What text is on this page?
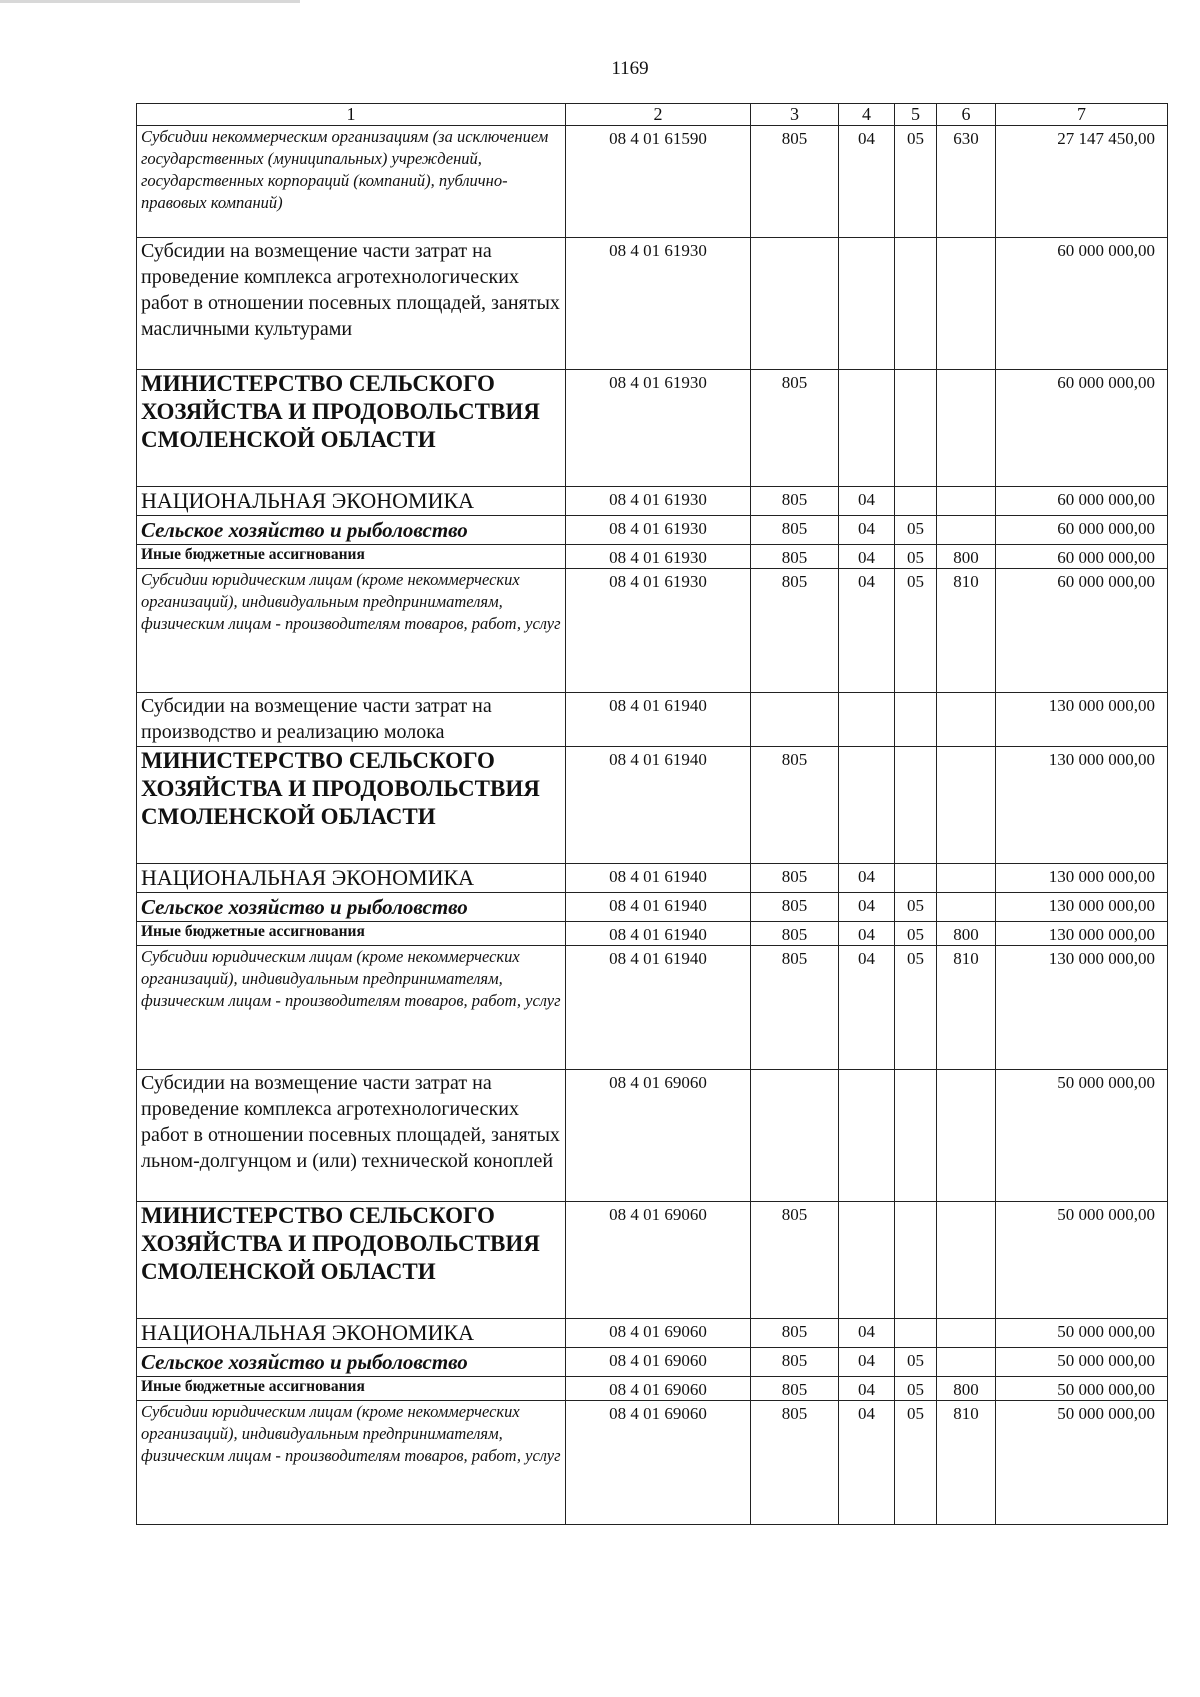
1169
1	2	3	4	5	6	7
Субсидии некоммерческим организациям (за исключением государственных (муниципальных) учреждений, государственных корпораций (компаний), публично-правовых компаний)	08 4 01 61590	805	04	05	630	27 147 450,00
Субсидии на возмещение части затрат на проведение комплекса агротехнологических работ в отношении посевных площадей, занятых масличными культурами	08 4 01 61930					60 000 000,00
МИНИСТЕРСТВО СЕЛЬСКОГО ХОЗЯЙСТВА И ПРОДОВОЛЬСТВИЯ СМОЛЕНСКОЙ ОБЛАСТИ	08 4 01 61930	805				60 000 000,00
НАЦИОНАЛЬНАЯ ЭКОНОМИКА	08 4 01 61930	805	04			60 000 000,00
Сельское хозяйство и рыболовство	08 4 01 61930	805	04	05		60 000 000,00
Иные бюджетные ассигнования	08 4 01 61930	805	04	05	800	60 000 000,00
Субсидии юридическим лицам (кроме некоммерческих организаций), индивидуальным предпринимателям, физическим лицам - производителям товаров, работ, услуг	08 4 01 61930	805	04	05	810	60 000 000,00
Субсидии на возмещение части затрат на производство и реализацию молока	08 4 01 61940					130 000 000,00
МИНИСТЕРСТВО СЕЛЬСКОГО ХОЗЯЙСТВА И ПРОДОВОЛЬСТВИЯ СМОЛЕНСКОЙ ОБЛАСТИ	08 4 01 61940	805				130 000 000,00
НАЦИОНАЛЬНАЯ ЭКОНОМИКА	08 4 01 61940	805	04			130 000 000,00
Сельское хозяйство и рыболовство	08 4 01 61940	805	04	05		130 000 000,00
Иные бюджетные ассигнования	08 4 01 61940	805	04	05	800	130 000 000,00
Субсидии юридическим лицам (кроме некоммерческих организаций), индивидуальным предпринимателям, физическим лицам - производителям товаров, работ, услуг	08 4 01 61940	805	04	05	810	130 000 000,00
Субсидии на возмещение части затрат на проведение комплекса агротехнологических работ в отношении посевных площадей, занятых льном-долгунцом и (или) технической коноплей	08 4 01 69060					50 000 000,00
МИНИСТЕРСТВО СЕЛЬСКОГО ХОЗЯЙСТВА И ПРОДОВОЛЬСТВИЯ СМОЛЕНСКОЙ ОБЛАСТИ	08 4 01 69060	805				50 000 000,00
НАЦИОНАЛЬНАЯ ЭКОНОМИКА	08 4 01 69060	805	04			50 000 000,00
Сельское хозяйство и рыболовство	08 4 01 69060	805	04	05		50 000 000,00
Иные бюджетные ассигнования	08 4 01 69060	805	04	05	800	50 000 000,00
Субсидии юридическим лицам (кроме некоммерческих организаций), индивидуальным предпринимателям, физическим лицам - производителям товаров, работ, услуг	08 4 01 69060	805	04	05	810	50 000 000,00
